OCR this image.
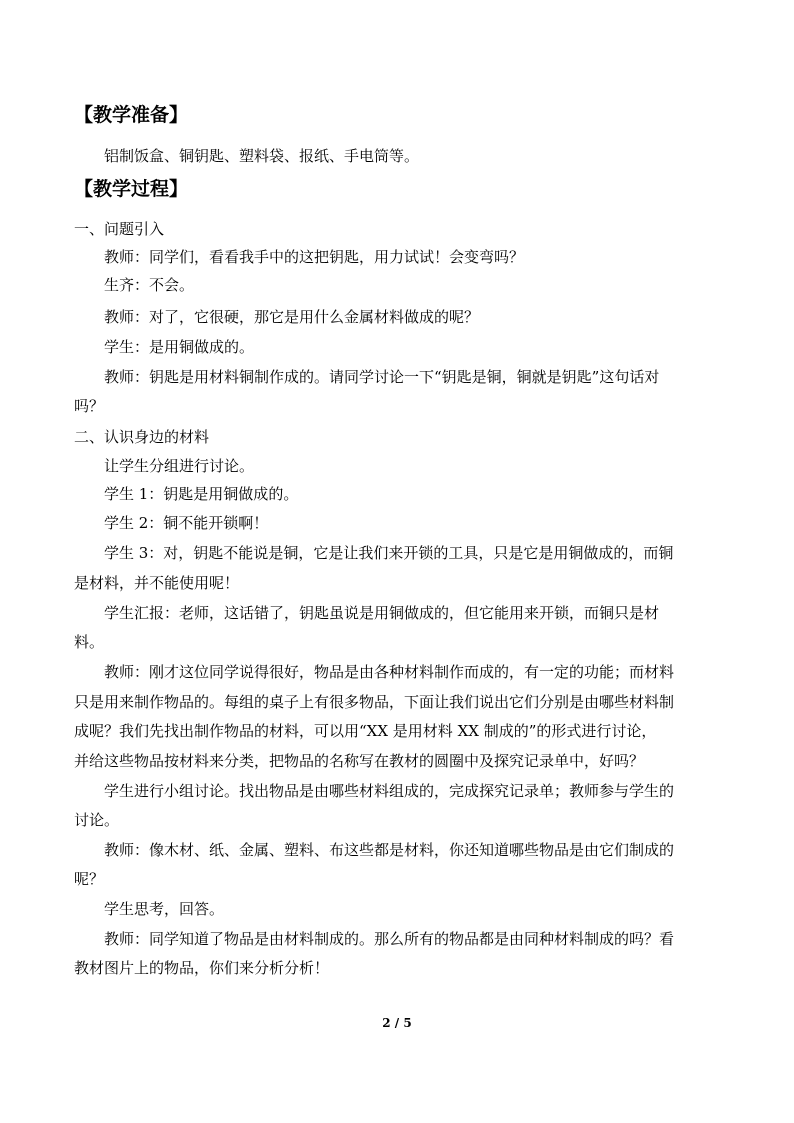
【教学准备】
铝制饭盒、铜钥匙、塑料袋、报纸、手电筒等。
【教学过程】
一、问题引入
教师：同学们，看看我手中的这把钥匙，用力试试！会变弯吗？
生齐：不会。
教师：对了，它很硬，那它是用什么金属材料做成的呢？
学生：是用铜做成的。
教师：钥匙是用材料铜制作成的。请同学讨论一下“钥匙是铜，铜就是钥匙”这句话对
吗？
二、认识身边的材料
让学生分组进行讨论。
学生 1：钥匙是用铜做成的。
学生 2：铜不能开锁啊！
学生 3：对，钥匙不能说是铜，它是让我们来开锁的工具，只是它是用铜做成的，而铜
是材料，并不能使用呢！
学生汇报：老师，这话错了，钥匙虽说是用铜做成的，但它能用来开锁，而铜只是材
料。
教师：刚才这位同学说得很好，物品是由各种材料制作而成的，有一定的功能；而材料
只是用来制作物品的。每组的桌子上有很多物品，下面让我们说出它们分别是由哪些材料制
成呢？我们先找出制作物品的材料，可以用“XX 是用材料 XX 制成的”的形式进行讨论，
并给这些物品按材料来分类，把物品的名称写在教材的圆圈中及探究记录单中，好吗？
学生进行小组讨论。找出物品是由哪些材料组成的，完成探究记录单；教师参与学生的
讨论。
教师：像木材、纸、金属、塑料、布这些都是材料，你还知道哪些物品是由它们制成的
呢？
学生思考，回答。
教师：同学知道了物品是由材料制成的。那么所有的物品都是由同种材料制成的吗？看
教材图片上的物品，你们来分析分析！
2 / 5
